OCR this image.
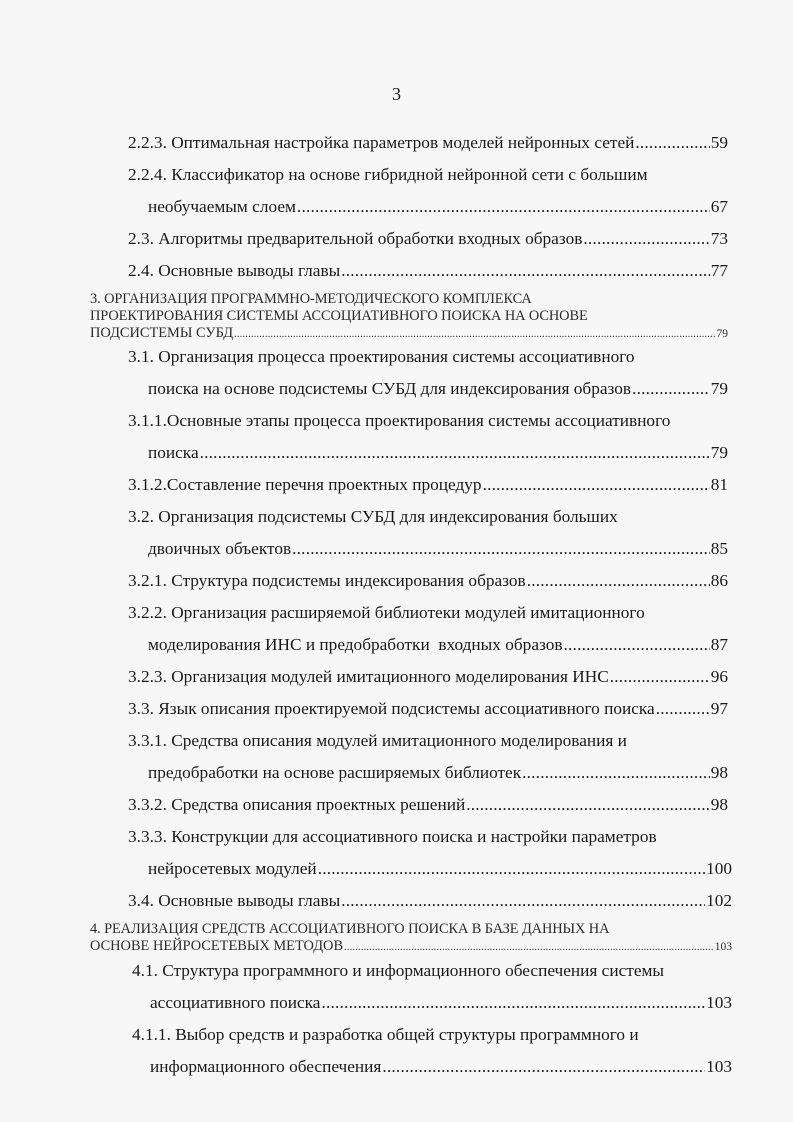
3
2.2.3. Оптимальная настройка параметров моделей нейронных сетей .....	59
2.2.4. Классификатор на основе гибридной нейронной сети с большим
необучаемым слоем .....	67
2.3. Алгоритмы предварительной обработки входных образов .....	73
2.4. Основные выводы главы .....	77
3. ОРГАНИЗАЦИЯ ПРОГРАММНО-МЕТОДИЧЕСКОГО КОМПЛЕКСА
ПРОЕКТИРОВАНИЯ СИСТЕМЫ АССОЦИАТИВНОГО ПОИСКА НА ОСНОВЕ
ПОДСИСТЕМЫ СУБД .....	79
3.1. Организация процесса проектирования системы ассоциативного
поиска на основе подсистемы СУБД для индексирования образов .....	79
3.1.1.Основные этапы процесса проектирования системы ассоциативного
поиска .....	79
3.1.2.Составление перечня проектных процедур .....	81
3.2. Организация подсистемы СУБД для индексирования больших
двоичных объектов .....	85
3.2.1. Структура подсистемы индексирования образов .....	86
3.2.2. Организация расширяемой библиотеки модулей имитационного
моделирования ИНС и предобработки  входных образов .....	87
3.2.3. Организация модулей имитационного моделирования ИНС .....	96
3.3. Язык описания проектируемой подсистемы ассоциативного поиска .....	97
3.3.1. Средства описания модулей имитационного моделирования и
предобработки на основе расширяемых библиотек .....	98
3.3.2. Средства описания проектных решений .....	98
3.3.3. Конструкции для ассоциативного поиска и настройки параметров
нейросетевых модулей .....	100
3.4. Основные выводы главы .....	102
4. РЕАЛИЗАЦИЯ СРЕДСТВ АССОЦИАТИВНОГО ПОИСКА В БАЗЕ ДАННЫХ НА
ОСНОВЕ НЕЙРОСЕТЕВЫХ МЕТОДОВ .....	103
4.1. Структура программного и информационного обеспечения системы
ассоциативного поиска .....	103
4.1.1. Выбор средств и разработка общей структуры программного и
информационного обеспечения .....	103
